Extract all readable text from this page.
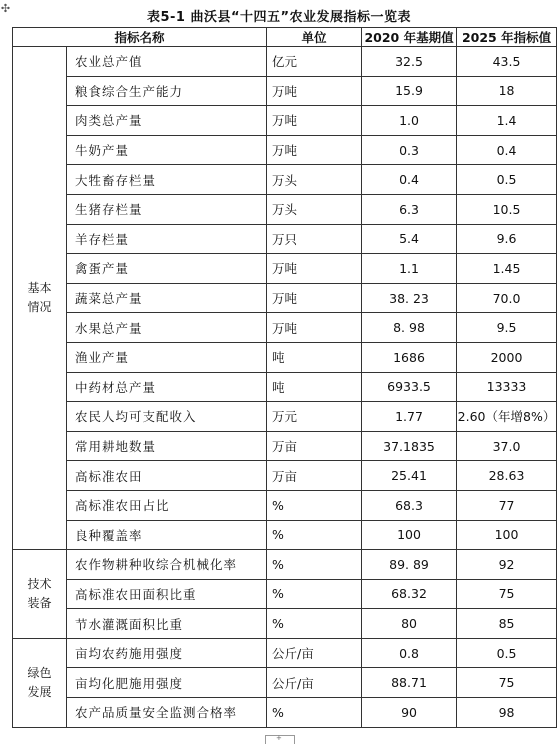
✣
表5-1 曲沃县“十四五”农业发展指标一览表
指标名称		单位	2020 年基期值	2025 年指标值

基本
情况	农业总产值	亿元	32.5	43.5
	粮食综合生产能力	万吨	15.9	18
	肉类总产量	万吨	1.0	1.4
	牛奶产量	万吨	0.3	0.4
	大牲畜存栏量	万头	0.4	0.5
	生猪存栏量	万头	6.3	10.5
	羊存栏量	万只	5.4	9.6
	禽蛋产量	万吨	1.1	1.45
	蔬菜总产量	万吨	38. 23	70.0
	水果总产量	万吨	8. 98	9.5
	渔业产量	吨	1686	2000
	中药材总产量	吨	6933.5	13333
	农民人均可支配收入	万元	1.77	2.60（年增8%）
	常用耕地数量	万亩	37.1835	37.0
	高标准农田	万亩	25.41	28.63
	高标准农田占比	%	68.3	77
	良种覆盖率	%	100	100

技术
装备	农作物耕种收综合机械化率	%	89. 89	92
	高标准农田面积比重	%	68.32	75
	节水灌溉面积比重	%	80	85

绿色
发展	亩均农药施用强度	公斤/亩	0.8	0.5
	亩均化肥施用强度	公斤/亩	88.71	75
	农产品质量安全监测合格率	%	90	98
+
